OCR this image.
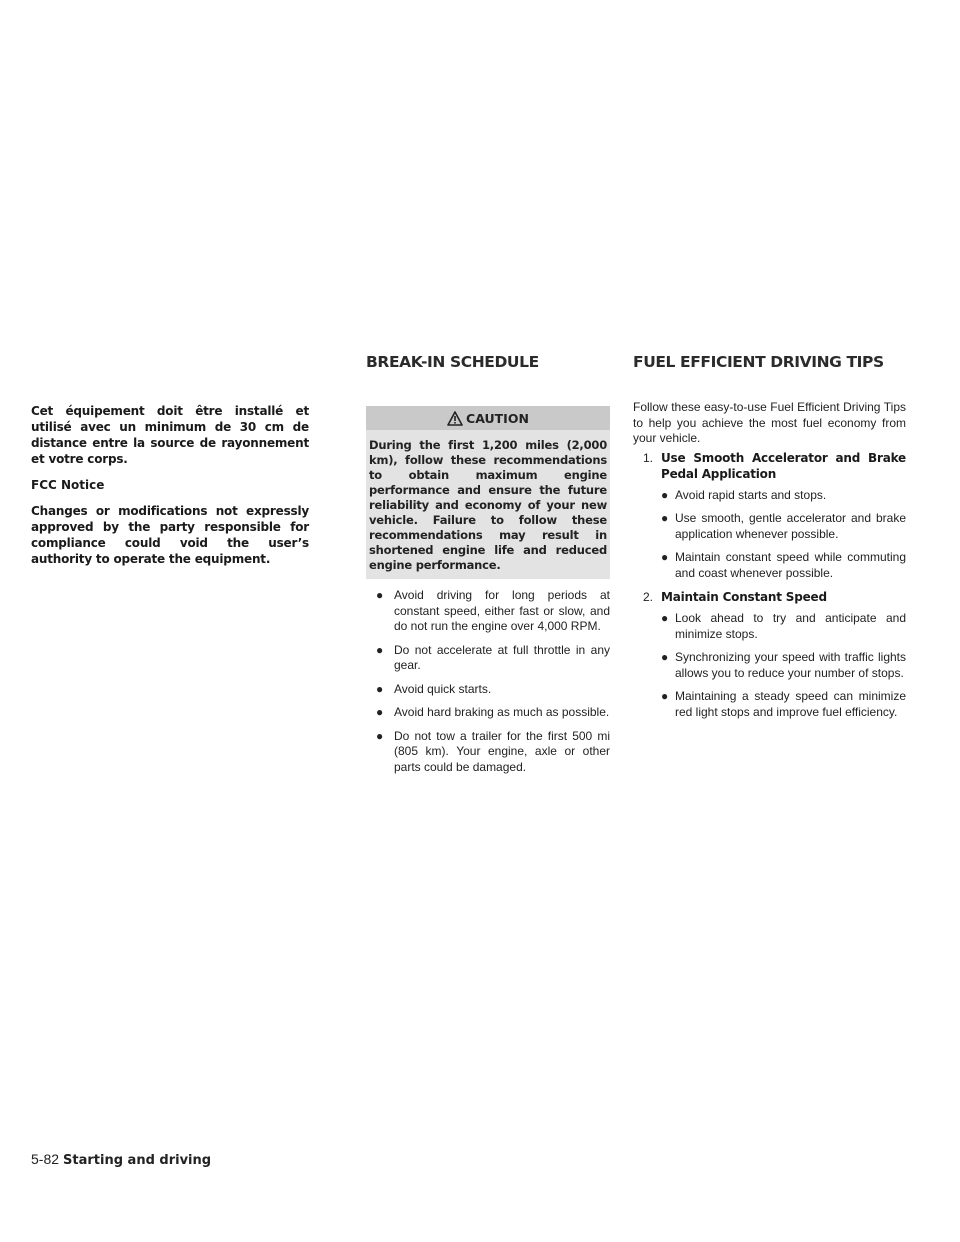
BREAK-IN SCHEDULE	FUEL EFFICIENT DRIVING TIPS

Cet équipement doit être installé et utilisé avec un minimum de 30 cm de distance entre la source de rayonnement et votre corps.

FCC Notice

Changes or modifications not expressly approved by the party responsible for compliance could void the user’s authority to operate the equipment.

CAUTION
During the first 1,200 miles (2,000 km), follow these recommendations to obtain maximum engine performance and ensure the future reliability and economy of your new vehicle. Failure to follow these recommendations may result in shortened engine life and reduced engine performance.
● Avoid driving for long periods at constant speed, either fast or slow, and do not run the engine over 4,000 RPM.
● Do not accelerate at full throttle in any gear.
● Avoid quick starts.
● Avoid hard braking as much as possible.
● Do not tow a trailer for the first 500 mi (805 km). Your engine, axle or other parts could be damaged.

Follow these easy-to-use Fuel Efficient Driving Tips to help you achieve the most fuel economy from your vehicle.

1. Use Smooth Accelerator and Brake Pedal Application

● Avoid rapid starts and stops.
● Use smooth, gentle accelerator and brake application whenever possible.
● Maintain constant speed while commuting and coast whenever possible.
2. Maintain Constant Speed

● Look ahead to try and anticipate and minimize stops.
● Synchronizing your speed with traffic lights allows you to reduce your number of stops.
● Maintaining a steady speed can minimize red light stops and improve fuel efficiency.
5-82 Starting and driving
